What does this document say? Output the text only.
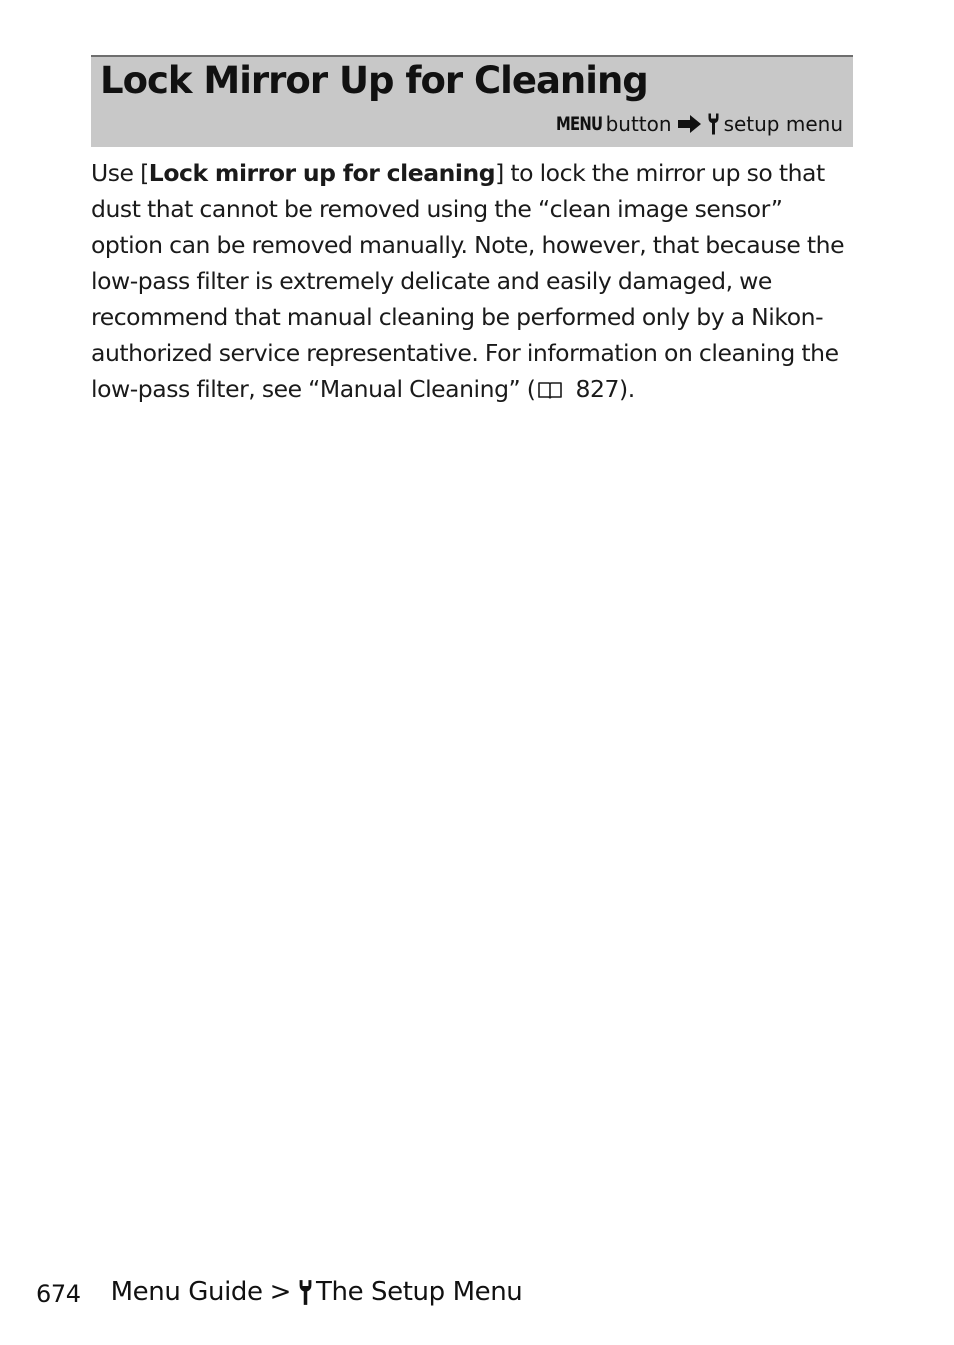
Lock Mirror Up for Cleaning
MENU button	setup menu

Use [Lock mirror up for cleaning] to lock the mirror up so that dust that cannot be removed using the “clean image sensor” option can be removed manually. Note, however, that because the low-pass filter is extremely delicate and easily damaged, we recommend that manual cleaning be performed only by a Nikon-authorized service representative. For information on cleaning the low-pass filter, see “Manual Cleaning” ( 827).

674 Menu Guide > The Setup Menu
